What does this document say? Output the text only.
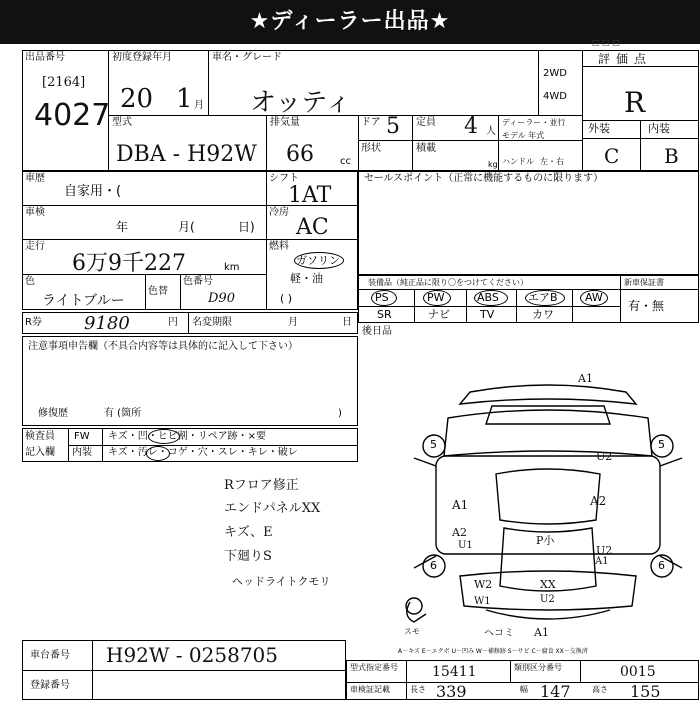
★ディーラー出品★
□ □ □
出品番号
[2164]
4027
初度登録年月
20 1 月
車名・グレード
オッティ
2WD
4WD
評価点
R
外装	内装
C B
型式
DBA - H92W
排気量
66	cc
ドア 5 定員 4 人
ディーラー・並行
モデル 年式
形状	積載
kg ハンドル 左・右
車歴
自家用・(
車検
年	月(	日)
走行
6万9千227	km
色
ライトブルー
色替
色番号
D90
シフト
1AT
冷房
AC
燃料
ガソリン
軽・油
( )
セールスポイント（正常に機能するものに限ります）
装備品（純正品に限り〇をつけてください）	新車保証書
有・無
PS	PW	ABS	エアB AW
SR	ナビ	TV	カワ
後日品
R券 9180	円 名変期限	月	日
注意事項申告欄（不具合内容等は具体的に記入して下さい）
修復歴	有 (箇所	)
検査員
記入欄
FW キズ・凹・ヒビ割・リペア跡・×要
内装 キズ・汚レ・コゲ・穴・スレ・キレ・破レ
Rフロア修正
エンドパネルXX
キズ、E
下廻りS
ヘッドライトクモリ
5	5
6	6
A1
U2
A2
A1
A2
U1	P小
U2
W2	XX
U2
W1
A1
A1
ヘコミ
スモ
A－キズ E－エクボ U－凹み W－補修跡 S－サビ C－腐食 XX－交換済
車台番号 H92W - 0258705
登録番号
型式指定番号 15411	類別区分番号	0015
車検証記載	長さ 339	幅 147	高さ 155
